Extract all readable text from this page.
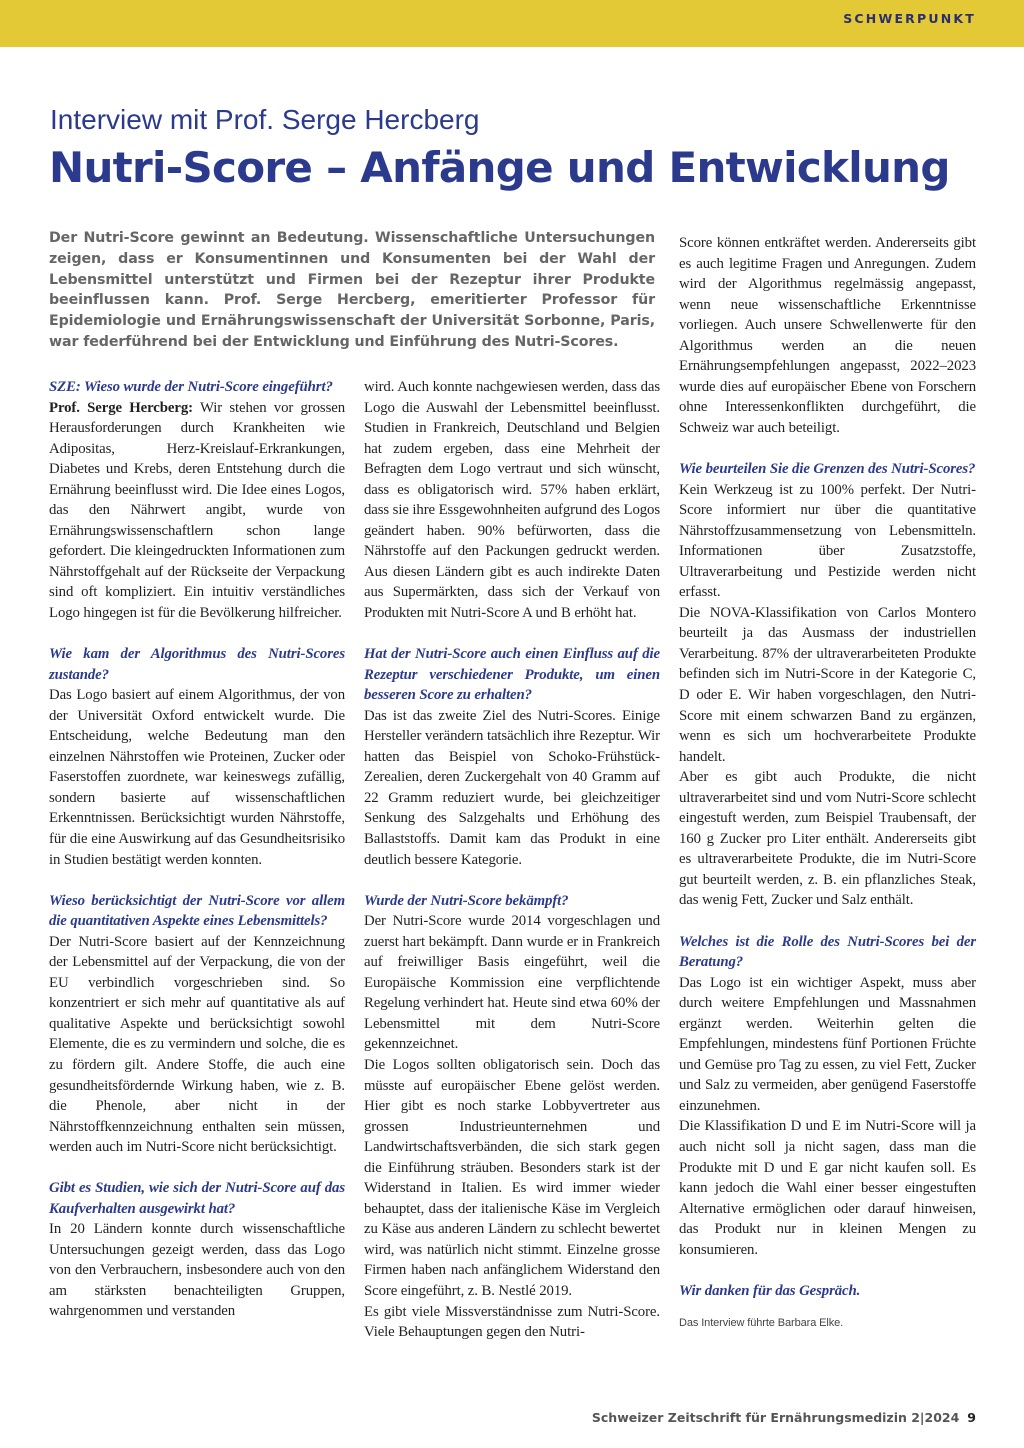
SCHWERPUNKT
Interview mit Prof. Serge Hercberg
Nutri-Score – Anfänge und Entwicklung

Der Nutri-Score gewinnt an Bedeutung. Wissenschaftliche Untersuchungen zeigen, dass er Konsumentinnen und Konsumenten bei der Wahl der Lebensmittel unterstützt und Firmen bei der Rezeptur ihrer Produkte beeinflussen kann. Prof. Serge Hercberg, emeritierter Professor für Epidemiologie und Ernährungswissenschaft der Universität Sorbonne, Paris, war federführend bei der Entwicklung und Einführung des Nutri-Scores.

SZE: Wieso wurde der Nutri-Score eingeführt?

Prof. Serge Hercberg: Wir stehen vor grossen Herausforderungen durch Krankheiten wie Adipositas, Herz-Kreislauf-Erkrankungen, Diabetes und Krebs, deren Entstehung durch die Ernährung beeinflusst wird. Die Idee eines Logos, das den Nährwert angibt, wurde von Ernährungswissenschaftlern schon lange gefordert. Die kleingedruckten Informationen zum Nährstoffgehalt auf der Rückseite der Verpackung sind oft kompliziert. Ein intuitiv verständliches Logo hingegen ist für die Bevölkerung hilfreicher.

Wie kam der Algorithmus des Nutri-Scores zustande?

Das Logo basiert auf einem Algorithmus, der von der Universität Oxford entwickelt wurde. Die Entscheidung, welche Bedeutung man den einzelnen Nährstoffen wie Proteinen, Zucker oder Faserstoffen zuordnete, war keineswegs zufällig, sondern basierte auf wissenschaftlichen Erkenntnissen. Berücksichtigt wurden Nährstoffe, für die eine Auswirkung auf das Gesundheitsrisiko in Studien bestätigt werden konnten.

Wieso berücksichtigt der Nutri-Score vor allem die quantitativen Aspekte eines Lebensmittels?

Der Nutri-Score basiert auf der Kennzeichnung der Lebensmittel auf der Verpackung, die von der EU verbindlich vorgeschrieben sind. So konzentriert er sich mehr auf quantitative als auf qualitative Aspekte und berücksichtigt sowohl Elemente, die es zu vermindern und solche, die es zu fördern gilt. Andere Stoffe, die auch eine gesundheitsfördernde Wirkung haben, wie z. B. die Phenole, aber nicht in der Nährstoffkennzeichnung enthalten sein müssen, werden auch im Nutri-Score nicht berücksichtigt.

Gibt es Studien, wie sich der Nutri-Score auf das Kaufverhalten ausgewirkt hat?

In 20 Ländern konnte durch wissenschaftliche Untersuchungen gezeigt werden, dass das Logo von den Verbrauchern, insbesondere auch von den am stärksten benachteiligten Gruppen, wahrgenommen und verstanden

wird. Auch konnte nachgewiesen werden, dass das Logo die Auswahl der Lebensmittel beeinflusst. Studien in Frankreich, Deutschland und Belgien hat zudem ergeben, dass eine Mehrheit der Befragten dem Logo vertraut und sich wünscht, dass es obligatorisch wird. 57% haben erklärt, dass sie ihre Essgewohnheiten aufgrund des Logos geändert haben. 90% befürworten, dass die Nährstoffe auf den Packungen gedruckt werden. Aus diesen Ländern gibt es auch indirekte Daten aus Supermärkten, dass sich der Verkauf von Produkten mit Nutri-Score A und B erhöht hat.

Hat der Nutri-Score auch einen Einfluss auf die Rezeptur verschiedener Produkte, um einen besseren Score zu erhalten?

Das ist das zweite Ziel des Nutri-Scores. Einige Hersteller verändern tatsächlich ihre Rezeptur. Wir hatten das Beispiel von Schoko-Frühstück-Zerealien, deren Zuckergehalt von 40 Gramm auf 22 Gramm reduziert wurde, bei gleichzeitiger Senkung des Salzgehalts und Erhöhung des Ballaststoffs. Damit kam das Produkt in eine deutlich bessere Kategorie.

Wurde der Nutri-Score bekämpft?

Der Nutri-Score wurde 2014 vorgeschlagen und zuerst hart bekämpft. Dann wurde er in Frankreich auf freiwilliger Basis eingeführt, weil die Europäische Kommission eine verpflichtende Regelung verhindert hat. Heute sind etwa 60% der Lebensmittel mit dem Nutri-Score gekennzeichnet.

Die Logos sollten obligatorisch sein. Doch das müsste auf europäischer Ebene gelöst werden. Hier gibt es noch starke Lobbyvertreter aus grossen Industrieunternehmen und Landwirtschaftsverbänden, die sich stark gegen die Einführung sträuben. Besonders stark ist der Widerstand in Italien. Es wird immer wieder behauptet, dass der italienische Käse im Vergleich zu Käse aus anderen Ländern zu schlecht bewertet wird, was natürlich nicht stimmt. Einzelne grosse Firmen haben nach anfänglichem Widerstand den Score eingeführt, z. B. Nestlé 2019.

Es gibt viele Missverständnisse zum Nutri-Score. Viele Behauptungen gegen den Nutri-

Score können entkräftet werden. Andererseits gibt es auch legitime Fragen und Anregungen. Zudem wird der Algorithmus regelmässig angepasst, wenn neue wissenschaftliche Erkenntnisse vorliegen. Auch unsere Schwellenwerte für den Algorithmus werden an die neuen Ernährungsempfehlungen angepasst, 2022–2023 wurde dies auf europäischer Ebene von Forschern ohne Interessenkonflikten durchgeführt, die Schweiz war auch beteiligt.

Wie beurteilen Sie die Grenzen des Nutri-Scores?

Kein Werkzeug ist zu 100% perfekt. Der Nutri-Score informiert nur über die quantitative Nährstoffzusammensetzung von Lebensmitteln. Informationen über Zusatzstoffe, Ultraverarbeitung und Pestizide werden nicht erfasst.

Die NOVA-Klassifikation von Carlos Montero beurteilt ja das Ausmass der industriellen Verarbeitung. 87% der ultraverarbeiteten Produkte befinden sich im Nutri-Score in der Kategorie C, D oder E. Wir haben vorgeschlagen, den Nutri-Score mit einem schwarzen Band zu ergänzen, wenn es sich um hochverarbeitete Produkte handelt.

Aber es gibt auch Produkte, die nicht ultraverarbeitet sind und vom Nutri-Score schlecht eingestuft werden, zum Beispiel Traubensaft, der 160 g Zucker pro Liter enthält. Andererseits gibt es ultraverarbeitete Produkte, die im Nutri-Score gut beurteilt werden, z. B. ein pflanzliches Steak, das wenig Fett, Zucker und Salz enthält.

Welches ist die Rolle des Nutri-Scores bei der Beratung?

Das Logo ist ein wichtiger Aspekt, muss aber durch weitere Empfehlungen und Massnahmen ergänzt werden. Weiterhin gelten die Empfehlungen, mindestens fünf Portionen Früchte und Gemüse pro Tag zu essen, zu viel Fett, Zucker und Salz zu vermeiden, aber genügend Faserstoffe einzunehmen.

Die Klassifikation D und E im Nutri-Score will ja auch nicht soll ja nicht sagen, dass man die Produkte mit D und E gar nicht kaufen soll. Es kann jedoch die Wahl einer besser eingestuften Alternative ermöglichen oder darauf hinweisen, das Produkt nur in kleinen Mengen zu konsumieren.

Wir danken für das Gespräch.

Das Interview führte Barbara Elke.
Schweizer Zeitschrift für Ernährungsmedizin 2|2024 9
